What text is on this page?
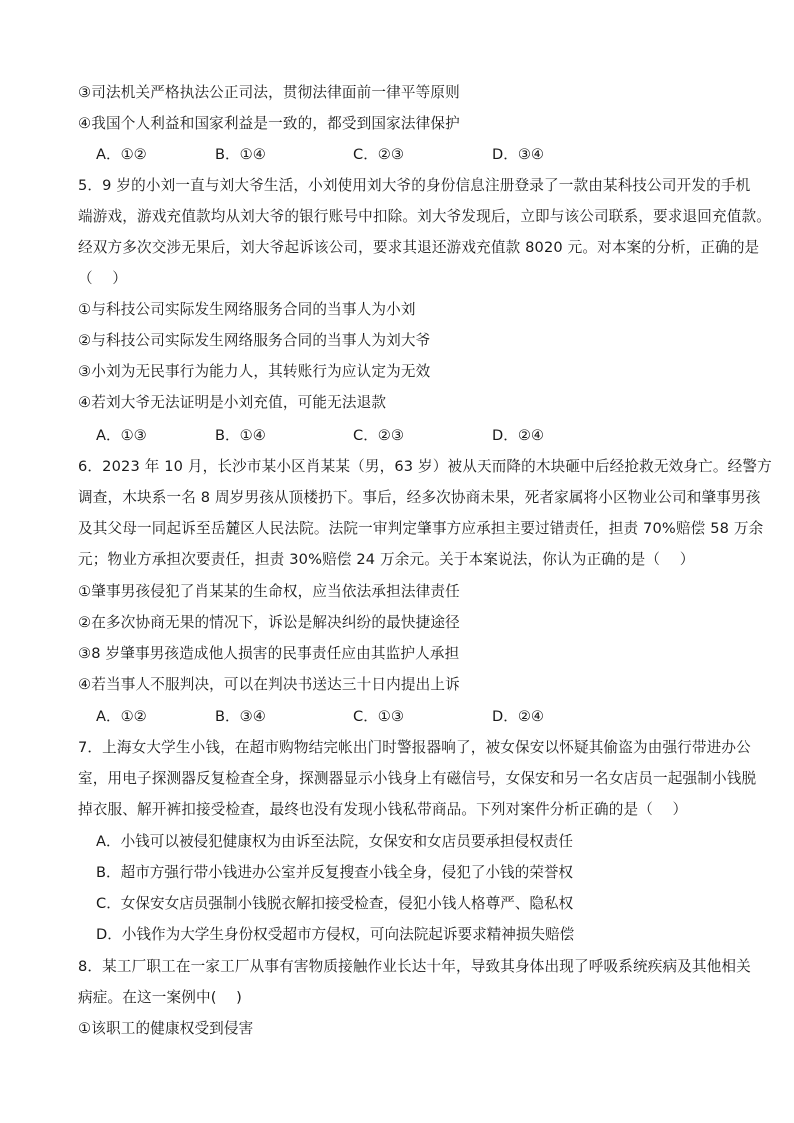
③司法机关严格执法公正司法，贯彻法律面前一律平等原则
④我国个人利益和国家利益是一致的，都受到国家法律保护
A．①②	B．①④	C．②③	D．③④
5．9 岁的小刘一直与刘大爷生活，小刘使用刘大爷的身份信息注册登录了一款由某科技公司开发的手机
端游戏，游戏充值款均从刘大爷的银行账号中扣除。刘大爷发现后，立即与该公司联系，要求退回充值款。
经双方多次交涉无果后，刘大爷起诉该公司，要求其退还游戏充值款 8020 元。对本案的分析，正确的是
（　 ）
①与科技公司实际发生网络服务合同的当事人为小刘
②与科技公司实际发生网络服务合同的当事人为刘大爷
③小刘为无民事行为能力人，其转账行为应认定为无效
④若刘大爷无法证明是小刘充值，可能无法退款
A．①③	B．①④	C．②③	D．②④
6．2023 年 10 月，长沙市某小区肖某某（男，63 岁）被从天而降的木块砸中后经抢救无效身亡。经警方
调查，木块系一名 8 周岁男孩从顶楼扔下。事后，经多次协商未果，死者家属将小区物业公司和肇事男孩
及其父母一同起诉至岳麓区人民法院。法院一审判定肇事方应承担主要过错责任，担责 70%赔偿 58 万余
元；物业方承担次要责任，担责 30%赔偿 24 万余元。关于本案说法，你认为正确的是（　 ）
①肇事男孩侵犯了肖某某的生命权，应当依法承担法律责任
②在多次协商无果的情况下，诉讼是解决纠纷的最快捷途径
③8 岁肇事男孩造成他人损害的民事责任应由其监护人承担
④若当事人不服判决，可以在判决书送达三十日内提出上诉
A．①②	B．③④	C．①③	D．②④
7．上海女大学生小钱，在超市购物结完帐出门时警报器响了，被女保安以怀疑其偷盗为由强行带进办公
室，用电子探测器反复检查全身，探测器显示小钱身上有磁信号，女保安和另一名女店员一起强制小钱脱
掉衣服、解开裤扣接受检查，最终也没有发现小钱私带商品。下列对案件分析正确的是（　 ）
A．小钱可以被侵犯健康权为由诉至法院，女保安和女店员要承担侵权责任
B．超市方强行带小钱进办公室并反复搜查小钱全身，侵犯了小钱的荣誉权
C．女保安女店员强制小钱脱衣解扣接受检查，侵犯小钱人格尊严、隐私权
D．小钱作为大学生身份权受超市方侵权，可向法院起诉要求精神损失赔偿
8．某工厂职工在一家工厂从事有害物质接触作业长达十年，导致其身体出现了呼吸系统疾病及其他相关
病症。在这一案例中(　 )
①该职工的健康权受到侵害
